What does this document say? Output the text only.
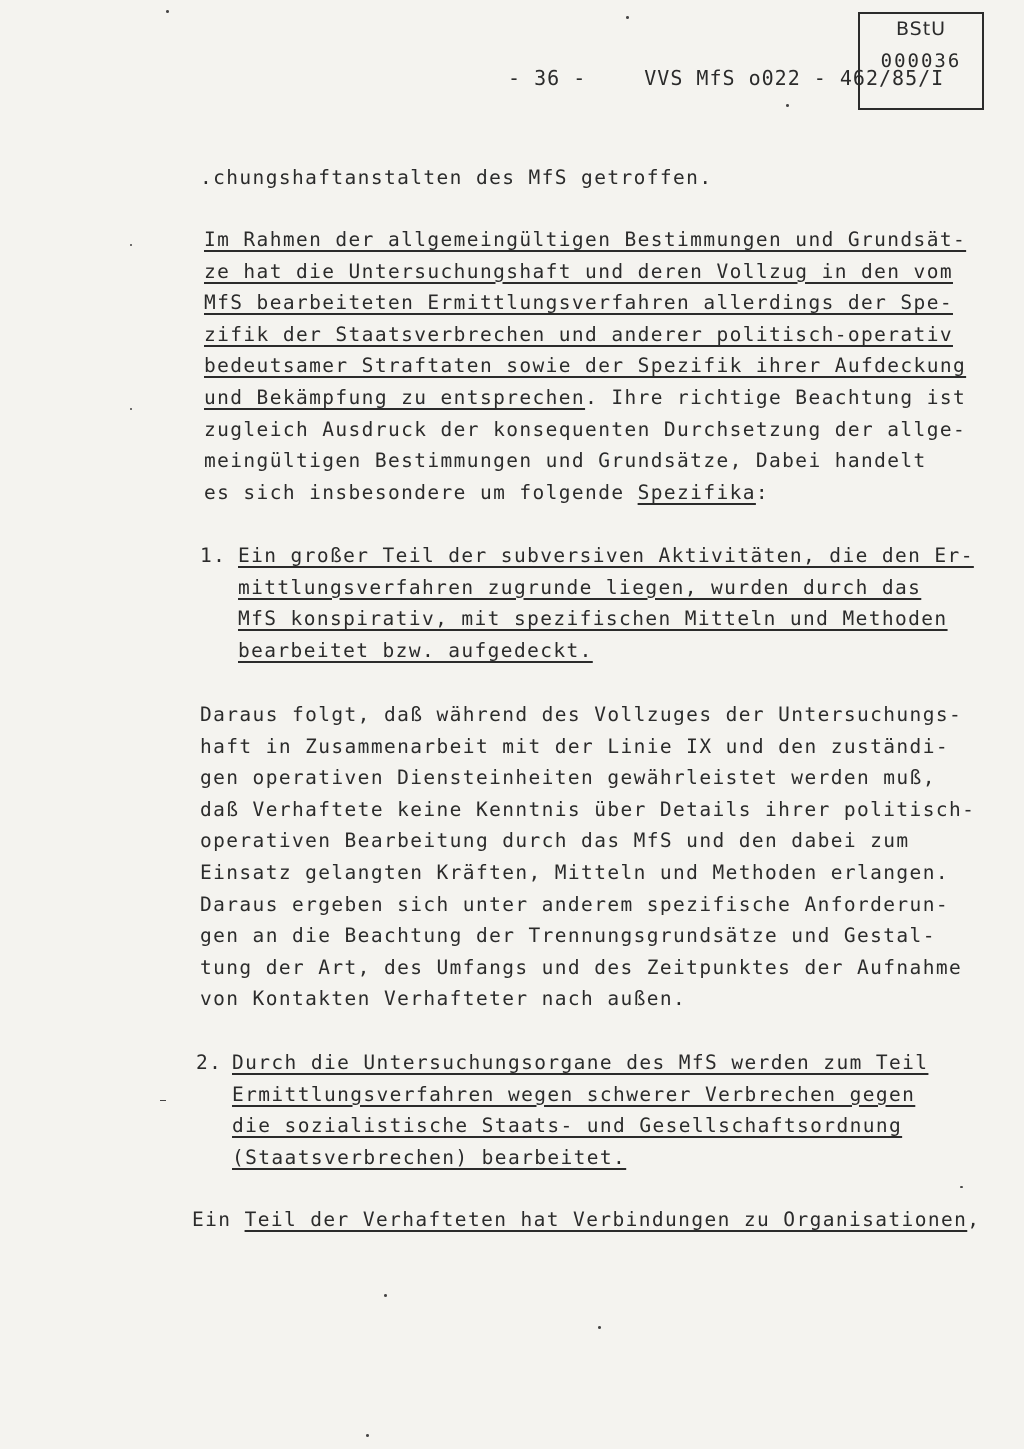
- 36 -	VVS MfS o022 - 462/85/I
BStU
000036
.chungshaftanstalten des MfS getroffen.
Im Rahmen der allgemeingültigen Bestimmungen und Grundsät-
ze hat die Untersuchungshaft und deren Vollzug in den vom
MfS bearbeiteten Ermittlungsverfahren allerdings der Spe-
zifik der Staatsverbrechen und anderer politisch-operativ
bedeutsamer Straftaten sowie der Spezifik ihrer Aufdeckung
und Bekämpfung zu entsprechen. Ihre richtige Beachtung ist
zugleich Ausdruck der konsequenten Durchsetzung der allge-
meingültigen Bestimmungen und Grundsätze, Dabei handelt
es sich insbesondere um folgende Spezifika:
1. Ein großer Teil der subversiven Aktivitäten, die den Er-
mittlungsverfahren zugrunde liegen, wurden durch das
MfS konspirativ, mit spezifischen Mitteln und Methoden
bearbeitet bzw. aufgedeckt.
Daraus folgt, daß während des Vollzuges der Untersuchungs-
haft in Zusammenarbeit mit der Linie IX und den zuständi-
gen operativen Diensteinheiten gewährleistet werden muß,
daß Verhaftete keine Kenntnis über Details ihrer politisch-
operativen Bearbeitung durch das MfS und den dabei zum
Einsatz gelangten Kräften, Mitteln und Methoden erlangen.
Daraus ergeben sich unter anderem spezifische Anforderun-
gen an die Beachtung der Trennungsgrundsätze und Gestal-
tung der Art, des Umfangs und des Zeitpunktes der Aufnahme
von Kontakten Verhafteter nach außen.
2. Durch die Untersuchungsorgane des MfS werden zum Teil
Ermittlungsverfahren wegen schwerer Verbrechen gegen
die sozialistische Staats- und Gesellschaftsordnung
(Staatsverbrechen) bearbeitet.
Ein Teil der Verhafteten hat Verbindungen zu Organisationen,
